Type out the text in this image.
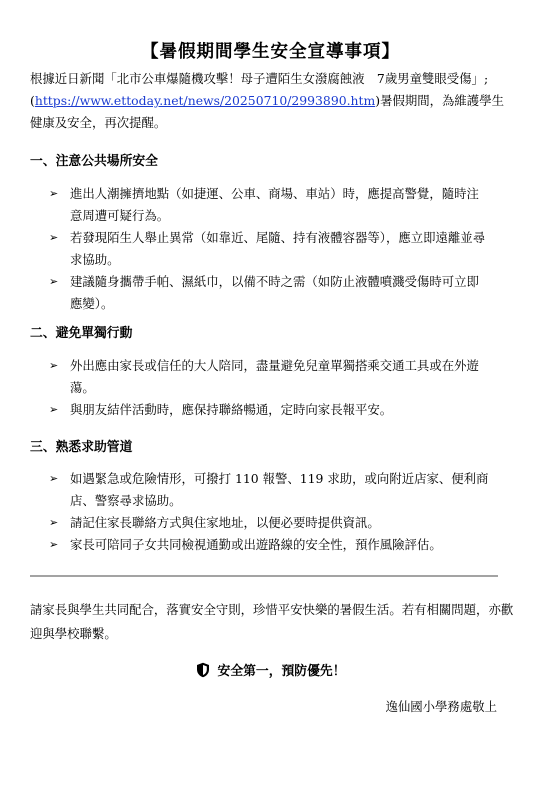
【暑假期間學生安全宣導事項】
根據近日新聞「北市公車爆隨機攻擊！母子遭陌生女潑腐蝕液　7歲男童雙眼受傷」;(https://www.ettoday.net/news/20250710/2993890.htm)暑假期間，為維護學生健康及安全，再次提醒。
一、注意公共場所安全
➢ 進出人潮擁擠地點（如捷運、公車、商場、車站）時，應提高警覺，隨時注意周遭可疑行為。
➢ 若發現陌生人舉止異常（如靠近、尾隨、持有液體容器等），應立即遠離並尋求協助。
➢ 建議隨身攜帶手帕、濕紙巾，以備不時之需（如防止液體噴濺受傷時可立即應變）。
二、避免單獨行動
➢ 外出應由家長或信任的大人陪同，盡量避免兒童單獨搭乘交通工具或在外遊蕩。
➢ 與朋友結伴活動時，應保持聯絡暢通，定時向家長報平安。
三、熟悉求助管道
➢ 如遇緊急或危險情形，可撥打 110 報警、119 求助，或向附近店家、便利商店、警察尋求協助。
➢ 請記住家長聯絡方式與住家地址，以便必要時提供資訊。
➢ 家長可陪同子女共同檢視通勤或出遊路線的安全性，預作風險評估。
請家長與學生共同配合，落實安全守則，珍惜平安快樂的暑假生活。若有相關問題，亦歡迎與學校聯繫。
安全第一，預防優先！
逸仙國小學務處敬上
